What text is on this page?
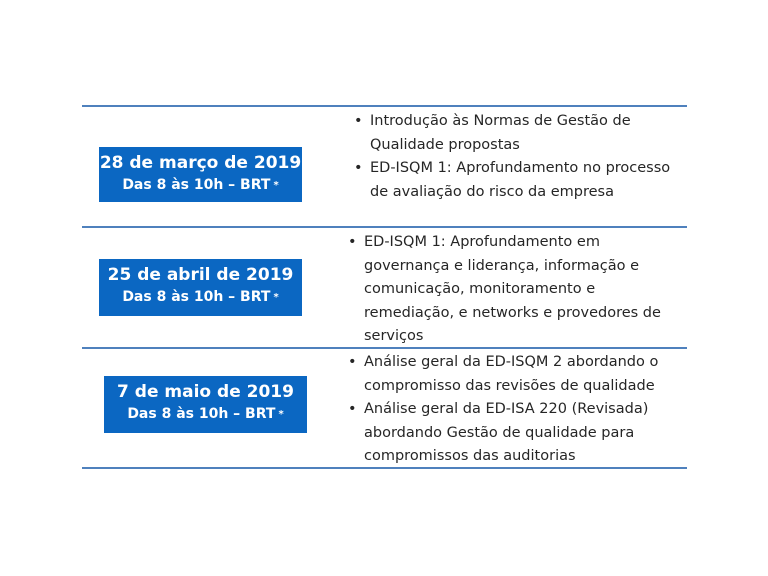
28 de março de 2019
Das 8 às 10h – BRT *
• Introdução às Normas de Gestão de Qualidade propostas
• ED-ISQM 1: Aprofundamento no processo de avaliação do risco da empresa
25 de abril de 2019
Das 8 às 10h – BRT *
• ED-ISQM 1: Aprofundamento em governança e liderança, informação e comunicação, monitoramento e remediação, e networks e provedores de serviços
7 de maio de 2019
Das 8 às 10h – BRT *
• Análise geral da ED-ISQM 2 abordando o compromisso das revisões de qualidade
• Análise geral da ED-ISA 220 (Revisada) abordando Gestão de qualidade para compromissos das auditorias
